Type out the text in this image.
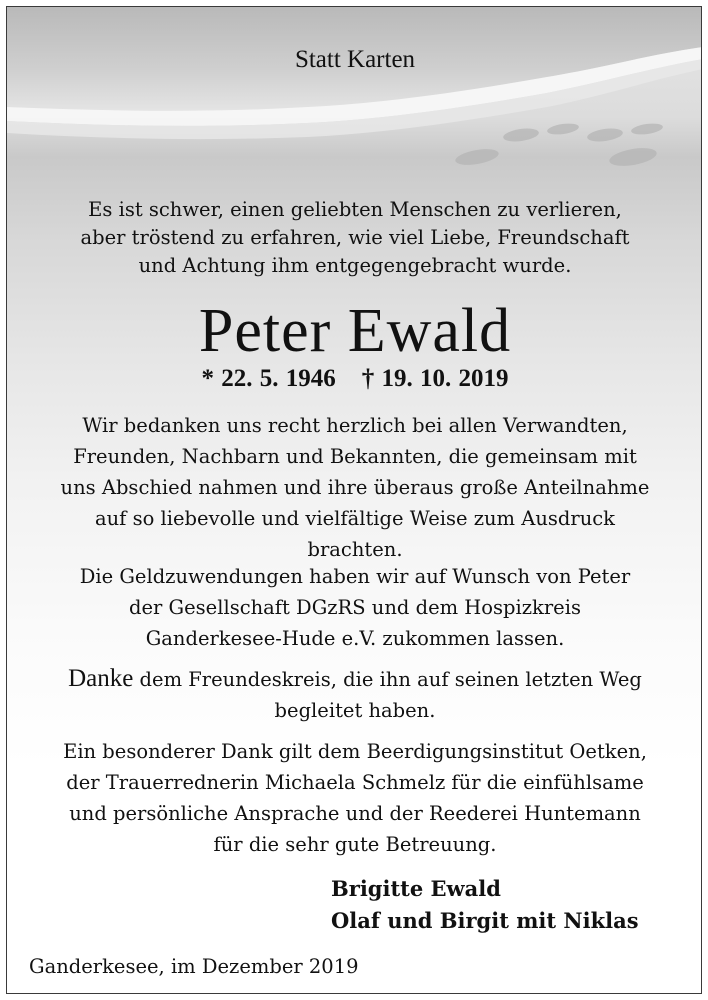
Statt Karten

Es ist schwer, einen geliebten Menschen zu verlieren,
aber tröstend zu erfahren, wie viel Liebe, Freundschaft
und Achtung ihm entgegengebracht wurde.

Peter Ewald

* 22. 5. 1946 † 19. 10. 2019

Wir bedanken uns recht herzlich bei allen Verwandten,
Freunden, Nachbarn und Bekannten, die gemeinsam mit
uns Abschied nahmen und ihre überaus große Anteilnahme
auf so liebevolle und vielfältige Weise zum Ausdruck
brachten.

Die Geldzuwendungen haben wir auf Wunsch von Peter
der Gesellschaft DGzRS und dem Hospizkreis
Ganderkesee-Hude e.V. zukommen lassen.

Danke dem Freundeskreis, die ihn auf seinen letzten Weg
begleitet haben.

Ein besonderer Dank gilt dem Beerdigungsinstitut Oetken,
der Trauerrednerin Michaela Schmelz für die einfühlsame
und persönliche Ansprache und der Reederei Huntemann
für die sehr gute Betreuung.

Brigitte Ewald
Olaf und Birgit mit Niklas

Ganderkesee, im Dezember 2019
